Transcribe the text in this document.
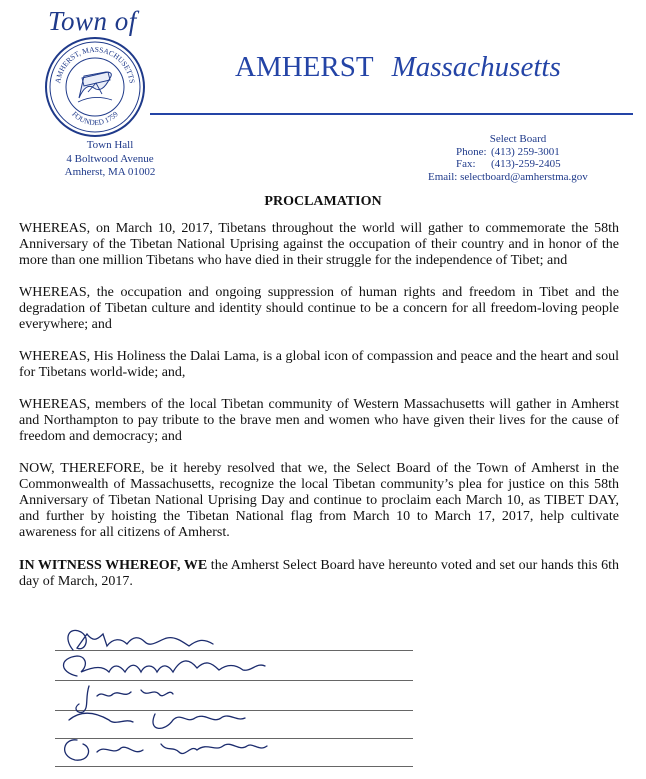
Town of
AMHERST, MASSACHUSETTS
FOUNDED 1759
AMHERST Massachusetts
Town Hall
4 Boltwood Avenue
Amherst, MA 01002
Select Board
Phone: (413) 259-3001
Fax:	(413)-259-2405
Email: selectboard@amherstma.gov
PROCLAMATION

WHEREAS, on March 10, 2017, Tibetans throughout the world will gather to commemorate the 58th Anniversary of the Tibetan National Uprising against the occupation of their country and in honor of the more than one million Tibetans who have died in their struggle for the independence of Tibet; and

WHEREAS, the occupation and ongoing suppression of human rights and freedom in Tibet and the degradation of Tibetan culture and identity should continue to be a concern for all freedom-loving people everywhere; and

WHEREAS, His Holiness the Dalai Lama, is a global icon of compassion and peace and the heart and soul for Tibetans world-wide; and,

WHEREAS, members of the local Tibetan community of Western Massachusetts will gather in Amherst and Northampton to pay tribute to the brave men and women who have given their lives for the cause of freedom and democracy; and

NOW, THEREFORE, be it hereby resolved that we, the Select Board of the Town of Amherst in the Commonwealth of Massachusetts, recognize the local Tibetan community’s plea for justice on this 58th Anniversary of Tibetan National Uprising Day and continue to proclaim each March 10, as TIBET DAY, and further by hoisting the Tibetan National flag from March 10 to March 17, 2017, help cultivate awareness for all citizens of Amherst.

IN WITNESS WHEREOF, WE the Amherst Select Board have hereunto voted and set our hands this 6th day of March, 2017.
